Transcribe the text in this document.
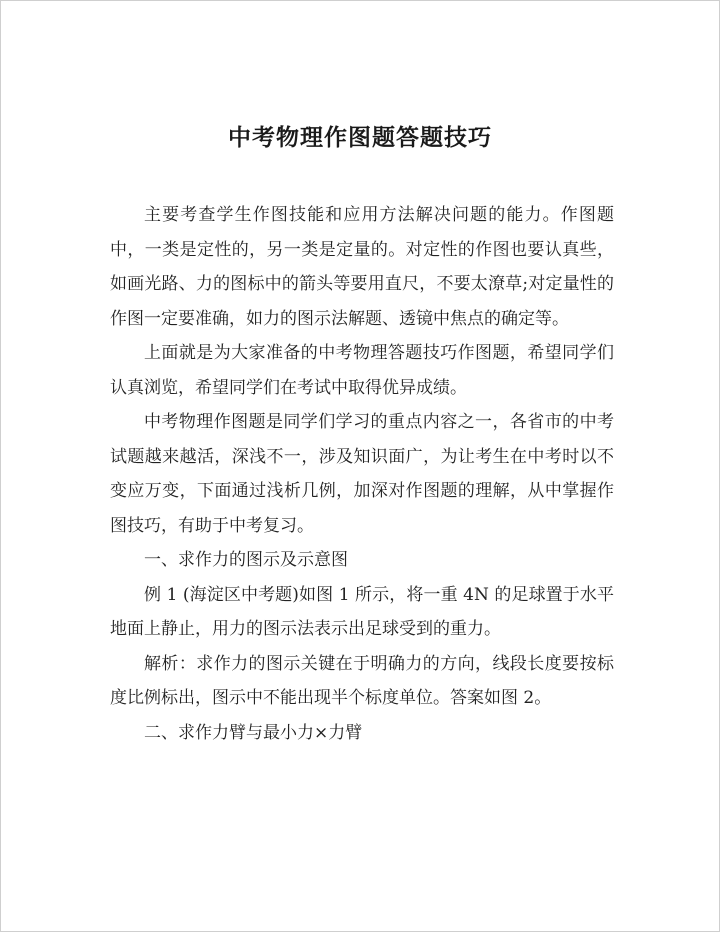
中考物理作图题答题技巧

主要考查学生作图技能和应用方法解决问题的能力。作图题中，一类是定性的，另一类是定量的。对定性的作图也要认真些，如画光路、力的图标中的箭头等要用直尺，不要太潦草;对定量性的作图一定要准确，如力的图示法解题、透镜中焦点的确定等。

上面就是为大家准备的中考物理答题技巧作图题，希望同学们认真浏览，希望同学们在考试中取得优异成绩。

中考物理作图题是同学们学习的重点内容之一，各省市的中考试题越来越活，深浅不一，涉及知识面广，为让考生在中考时以不变应万变，下面通过浅析几例，加深对作图题的理解，从中掌握作图技巧，有助于中考复习。

一、求作力的图示及示意图

例 1 (海淀区中考题)如图 1 所示，将一重 4N 的足球置于水平地面上静止，用力的图示法表示出足球受到的重力。

解析：求作力的图示关键在于明确力的方向，线段长度要按标度比例标出，图示中不能出现半个标度单位。答案如图 2。

二、求作力臂与最小力×力臂
